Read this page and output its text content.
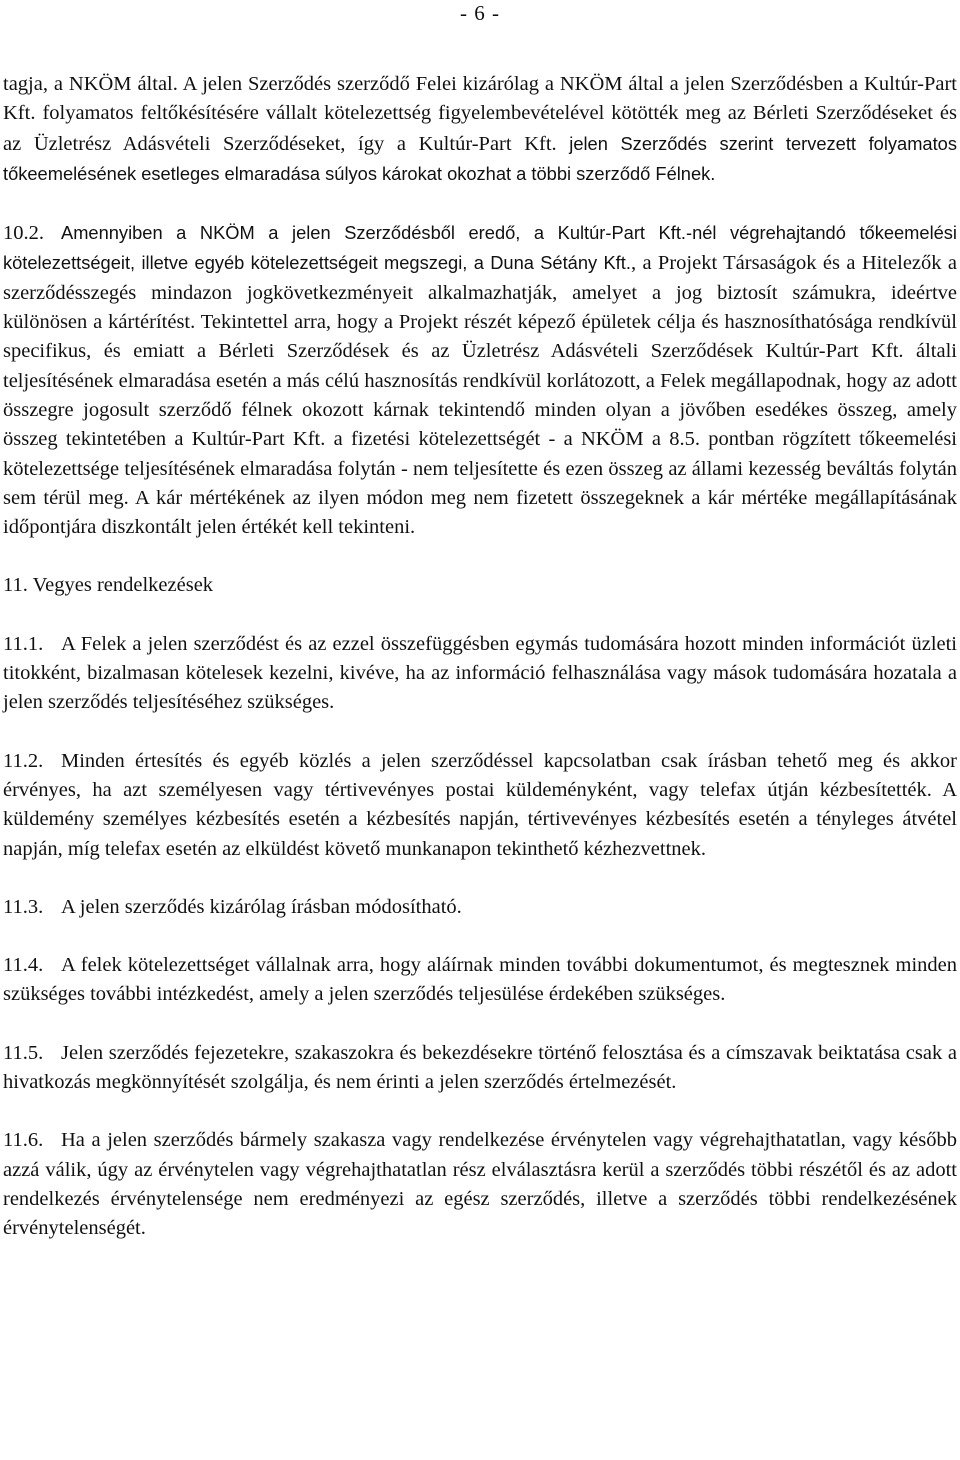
- 6 -

tagja, a NKÖM által. A jelen Szerződés szerződő Felei kizárólag a NKÖM által a jelen Szerződésben a Kultúr-Part Kft. folyamatos feltőkésítésére vállalt kötelezettség figyelembevételével kötötték meg az Bérleti Szerződéseket és az Üzletrész Adásvételi Szerződéseket, így a Kultúr-Part Kft. jelen Szerződés szerint tervezett folyamatos tőkeemelésének esetleges elmaradása súlyos károkat okozhat a többi szerződő Félnek.

10.2. Amennyiben a NKÖM a jelen Szerződésből eredő, a Kultúr-Part Kft.-nél végrehajtandó tőkeemelési kötelezettségeit, illetve egyéb kötelezettségeit megszegi, a Duna Sétány Kft., a Projekt Társaságok és a Hitelezők a szerződésszegés mindazon jogkövetkezményeit alkalmazhatják, amelyet a jog biztosít számukra, ideértve különösen a kártérítést. Tekintettel arra, hogy a Projekt részét képező épületek célja és hasznosíthatósága rendkívül specifikus, és emiatt a Bérleti Szerződések és az Üzletrész Adásvételi Szerződések Kultúr-Part Kft. általi teljesítésének elmaradása esetén a más célú hasznosítás rendkívül korlátozott, a Felek megállapodnak, hogy az adott összegre jogosult szerződő félnek okozott kárnak tekintendő minden olyan a jövőben esedékes összeg, amely összeg tekintetében a Kultúr-Part Kft. a fizetési kötelezettségét - a NKÖM a 8.5. pontban rögzített tőkeemelési kötelezettsége teljesítésének elmaradása folytán - nem teljesítette és ezen összeg az állami kezesség beváltás folytán sem térül meg. A kár mértékének az ilyen módon meg nem fizetett összegeknek a kár mértéke megállapításának időpontjára diszkontált jelen értékét kell tekinteni.

11. Vegyes rendelkezések

11.1. A Felek a jelen szerződést és az ezzel összefüggésben egymás tudomására hozott minden információt üzleti titokként, bizalmasan kötelesek kezelni, kivéve, ha az információ felhasználása vagy mások tudomására hozatala a jelen szerződés teljesítéséhez szükséges.

11.2. Minden értesítés és egyéb közlés a jelen szerződéssel kapcsolatban csak írásban tehető meg és akkor érvényes, ha azt személyesen vagy tértivevényes postai küldeményként, vagy telefax útján kézbesítették. A küldemény személyes kézbesítés esetén a kézbesítés napján, tértivevényes kézbesítés esetén a tényleges átvétel napján, míg telefax esetén az elküldést követő munkanapon tekinthető kézhezvettnek.

11.3. A jelen szerződés kizárólag írásban módosítható.

11.4. A felek kötelezettséget vállalnak arra, hogy aláírnak minden további dokumentumot, és megtesznek minden szükséges további intézkedést, amely a jelen szerződés teljesülése érdekében szükséges.

11.5. Jelen szerződés fejezetekre, szakaszokra és bekezdésekre történő felosztása és a címszavak beiktatása csak a hivatkozás megkönnyítését szolgálja, és nem érinti a jelen szerződés értelmezését.

11.6. Ha a jelen szerződés bármely szakasza vagy rendelkezése érvénytelen vagy végrehajthatatlan, vagy később azzá válik, úgy az érvénytelen vagy végrehajthatatlan rész elválasztásra kerül a szerződés többi részétől és az adott rendelkezés érvénytelensége nem eredményezi az egész szerződés, illetve a szerződés többi rendelkezésének érvénytelenségét.
